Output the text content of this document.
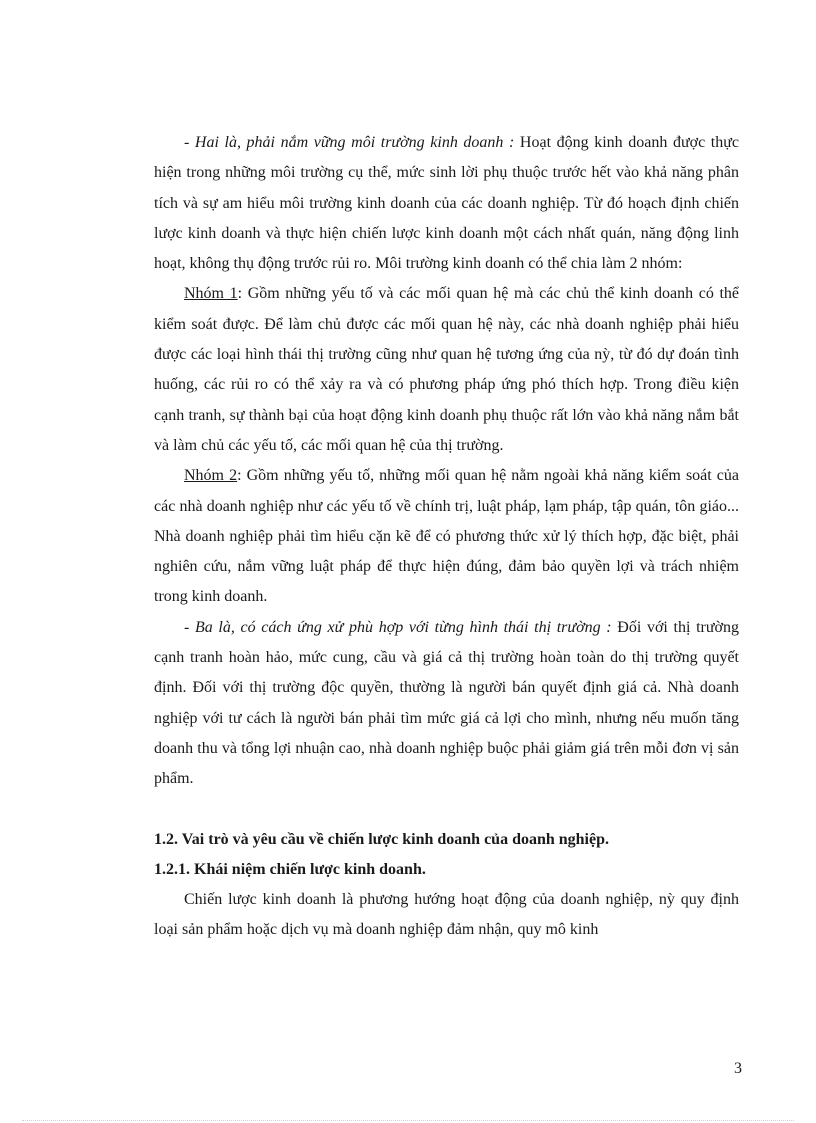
- Hai là, phải nắm vững môi trường kinh doanh : Hoạt động kinh doanh được thực hiện trong những môi trường cụ thể, mức sinh lời phụ thuộc trước hết vào khả năng phân tích và sự am hiểu môi trường kinh doanh của các doanh nghiệp. Từ đó hoạch định chiến lược kinh doanh và thực hiện chiến lược kinh doanh một cách nhất quán, năng động linh hoạt, không thụ động trước rủi ro. Môi trường kinh doanh có thể chia làm 2 nhóm:

Nhóm 1: Gồm những yếu tố và các mối quan hệ mà các chủ thể kinh doanh có thể kiểm soát được. Để làm chủ được các mối quan hệ này, các nhà doanh nghiệp phải hiểu được các loại hình thái thị trường cũng như quan hệ tương ứng của nỳ, từ đó dự đoán tình huống, các rủi ro có thể xảy ra và có phương pháp ứng phó thích hợp. Trong điều kiện cạnh tranh, sự thành bại của hoạt động kinh doanh phụ thuộc rất lớn vào khả năng nắm bắt và làm chủ các yếu tố, các mối quan hệ của thị trường.

Nhóm 2: Gồm những yếu tố, những mối quan hệ nằm ngoài khả năng kiểm soát của các nhà doanh nghiệp như các yếu tố về chính trị, luật pháp, lạm pháp, tập quán, tôn giáo... Nhà doanh nghiệp phải tìm hiểu cặn kẽ để có phương thức xử lý thích hợp, đặc biệt, phải nghiên cứu, nắm vững luật pháp để thực hiện đúng, đảm bảo quyền lợi và trách nhiệm trong kinh doanh.

- Ba là, có cách ứng xử phù hợp với từng hình thái thị trường : Đối với thị trường cạnh tranh hoàn hảo, mức cung, cầu và giá cả thị trường hoàn toàn do thị trường quyết định. Đối với thị trường độc quyền, thường là người bán quyết định giá cả. Nhà doanh nghiệp với tư cách là người bán phải tìm mức giá cả lợi cho mình, nhưng nếu muốn tăng doanh thu và tổng lợi nhuận cao, nhà doanh nghiệp buộc phải giảm giá trên mỗi đơn vị sản phẩm.

1.2. Vai trò và yêu cầu về chiến lược kinh doanh của doanh nghiệp.
1.2.1. Khái niệm chiến lược kinh doanh.

Chiến lược kinh doanh là phương hướng hoạt động của doanh nghiệp, nỳ quy định loại sản phẩm hoặc dịch vụ mà doanh nghiệp đảm nhận, quy mô kinh

3
